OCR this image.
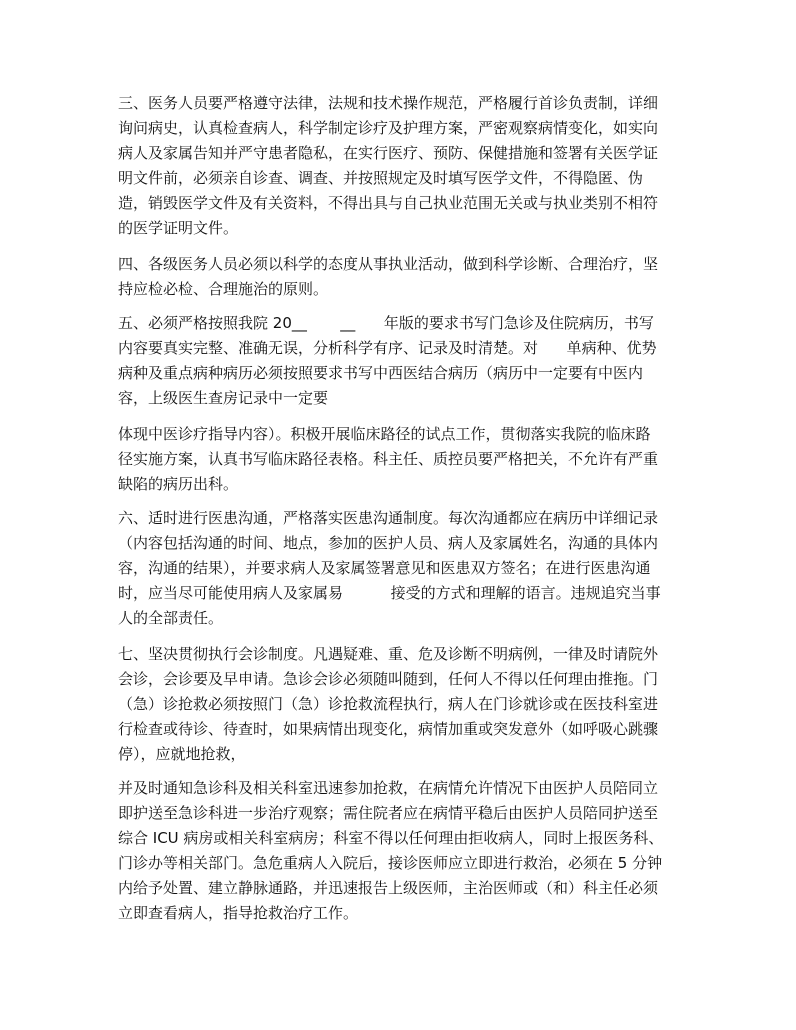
三、医务人员要严格遵守法律，法规和技术操作规范，严格履行首诊负责制，详细

询问病史，认真检查病人，科学制定诊疗及护理方案，严密观察病情变化，如实向

病人及家属告知并严守患者隐私，在实行医疗、预防、保健措施和签署有关医学证

明文件前，必须亲自诊查、调查、并按照规定及时填写医学文件，不得隐匿、伪

造，销毁医学文件及有关资料，不得出具与自己执业范围无关或与执业类别不相符

的医学证明文件。

四、各级医务人员必须以科学的态度从事执业活动，做到科学诊断、合理治疗，坚

持应检必检、合理施治的原则。

五、必须严格按照我院 20__       __      年版的要求书写门急诊及住院病历，书写

内容要真实完整、准确无误，分析科学有序、记录及时清楚。对      单病种、优势

病种及重点病种病历必须按照要求书写中西医结合病历（病历中一定要有中医内

容，上级医生查房记录中一定要

体现中医诊疗指导内容）。积极开展临床路径的试点工作，贯彻落实我院的临床路

径实施方案，认真书写临床路径表格。科主任、质控员要严格把关，不允许有严重

缺陷的病历出科。

六、适时进行医患沟通，严格落实医患沟通制度。每次沟通都应在病历中详细记录

（内容包括沟通的时间、地点，参加的医护人员、病人及家属姓名，沟通的具体内

容，沟通的结果），并要求病人及家属签署意见和医患双方签名；在进行医患沟通

时，应当尽可能使用病人及家属易          接受的方式和理解的语言。违规追究当事

人的全部责任。

七、坚决贯彻执行会诊制度。凡遇疑难、重、危及诊断不明病例，一律及时请院外

会诊，会诊要及早申请。急诊会诊必须随叫随到，任何人不得以任何理由推拖。门

（急）诊抢救必须按照门（急）诊抢救流程执行，病人在门诊就诊或在医技科室进

行检查或待诊、待查时，如果病情出现变化，病情加重或突发意外（如呼吸心跳骤

停），应就地抢救，

并及时通知急诊科及相关科室迅速参加抢救，在病情允许情况下由医护人员陪同立

即护送至急诊科进一步治疗观察；需住院者应在病情平稳后由医护人员陪同护送至

综合 ICU 病房或相关科室病房；科室不得以任何理由拒收病人，同时上报医务科、

门诊办等相关部门。急危重病人入院后，接诊医师应立即进行救治，必须在 5 分钟

内给予处置、建立静脉通路，并迅速报告上级医师，主治医师或（和）科主任必须

立即查看病人，指导抢救治疗工作。
